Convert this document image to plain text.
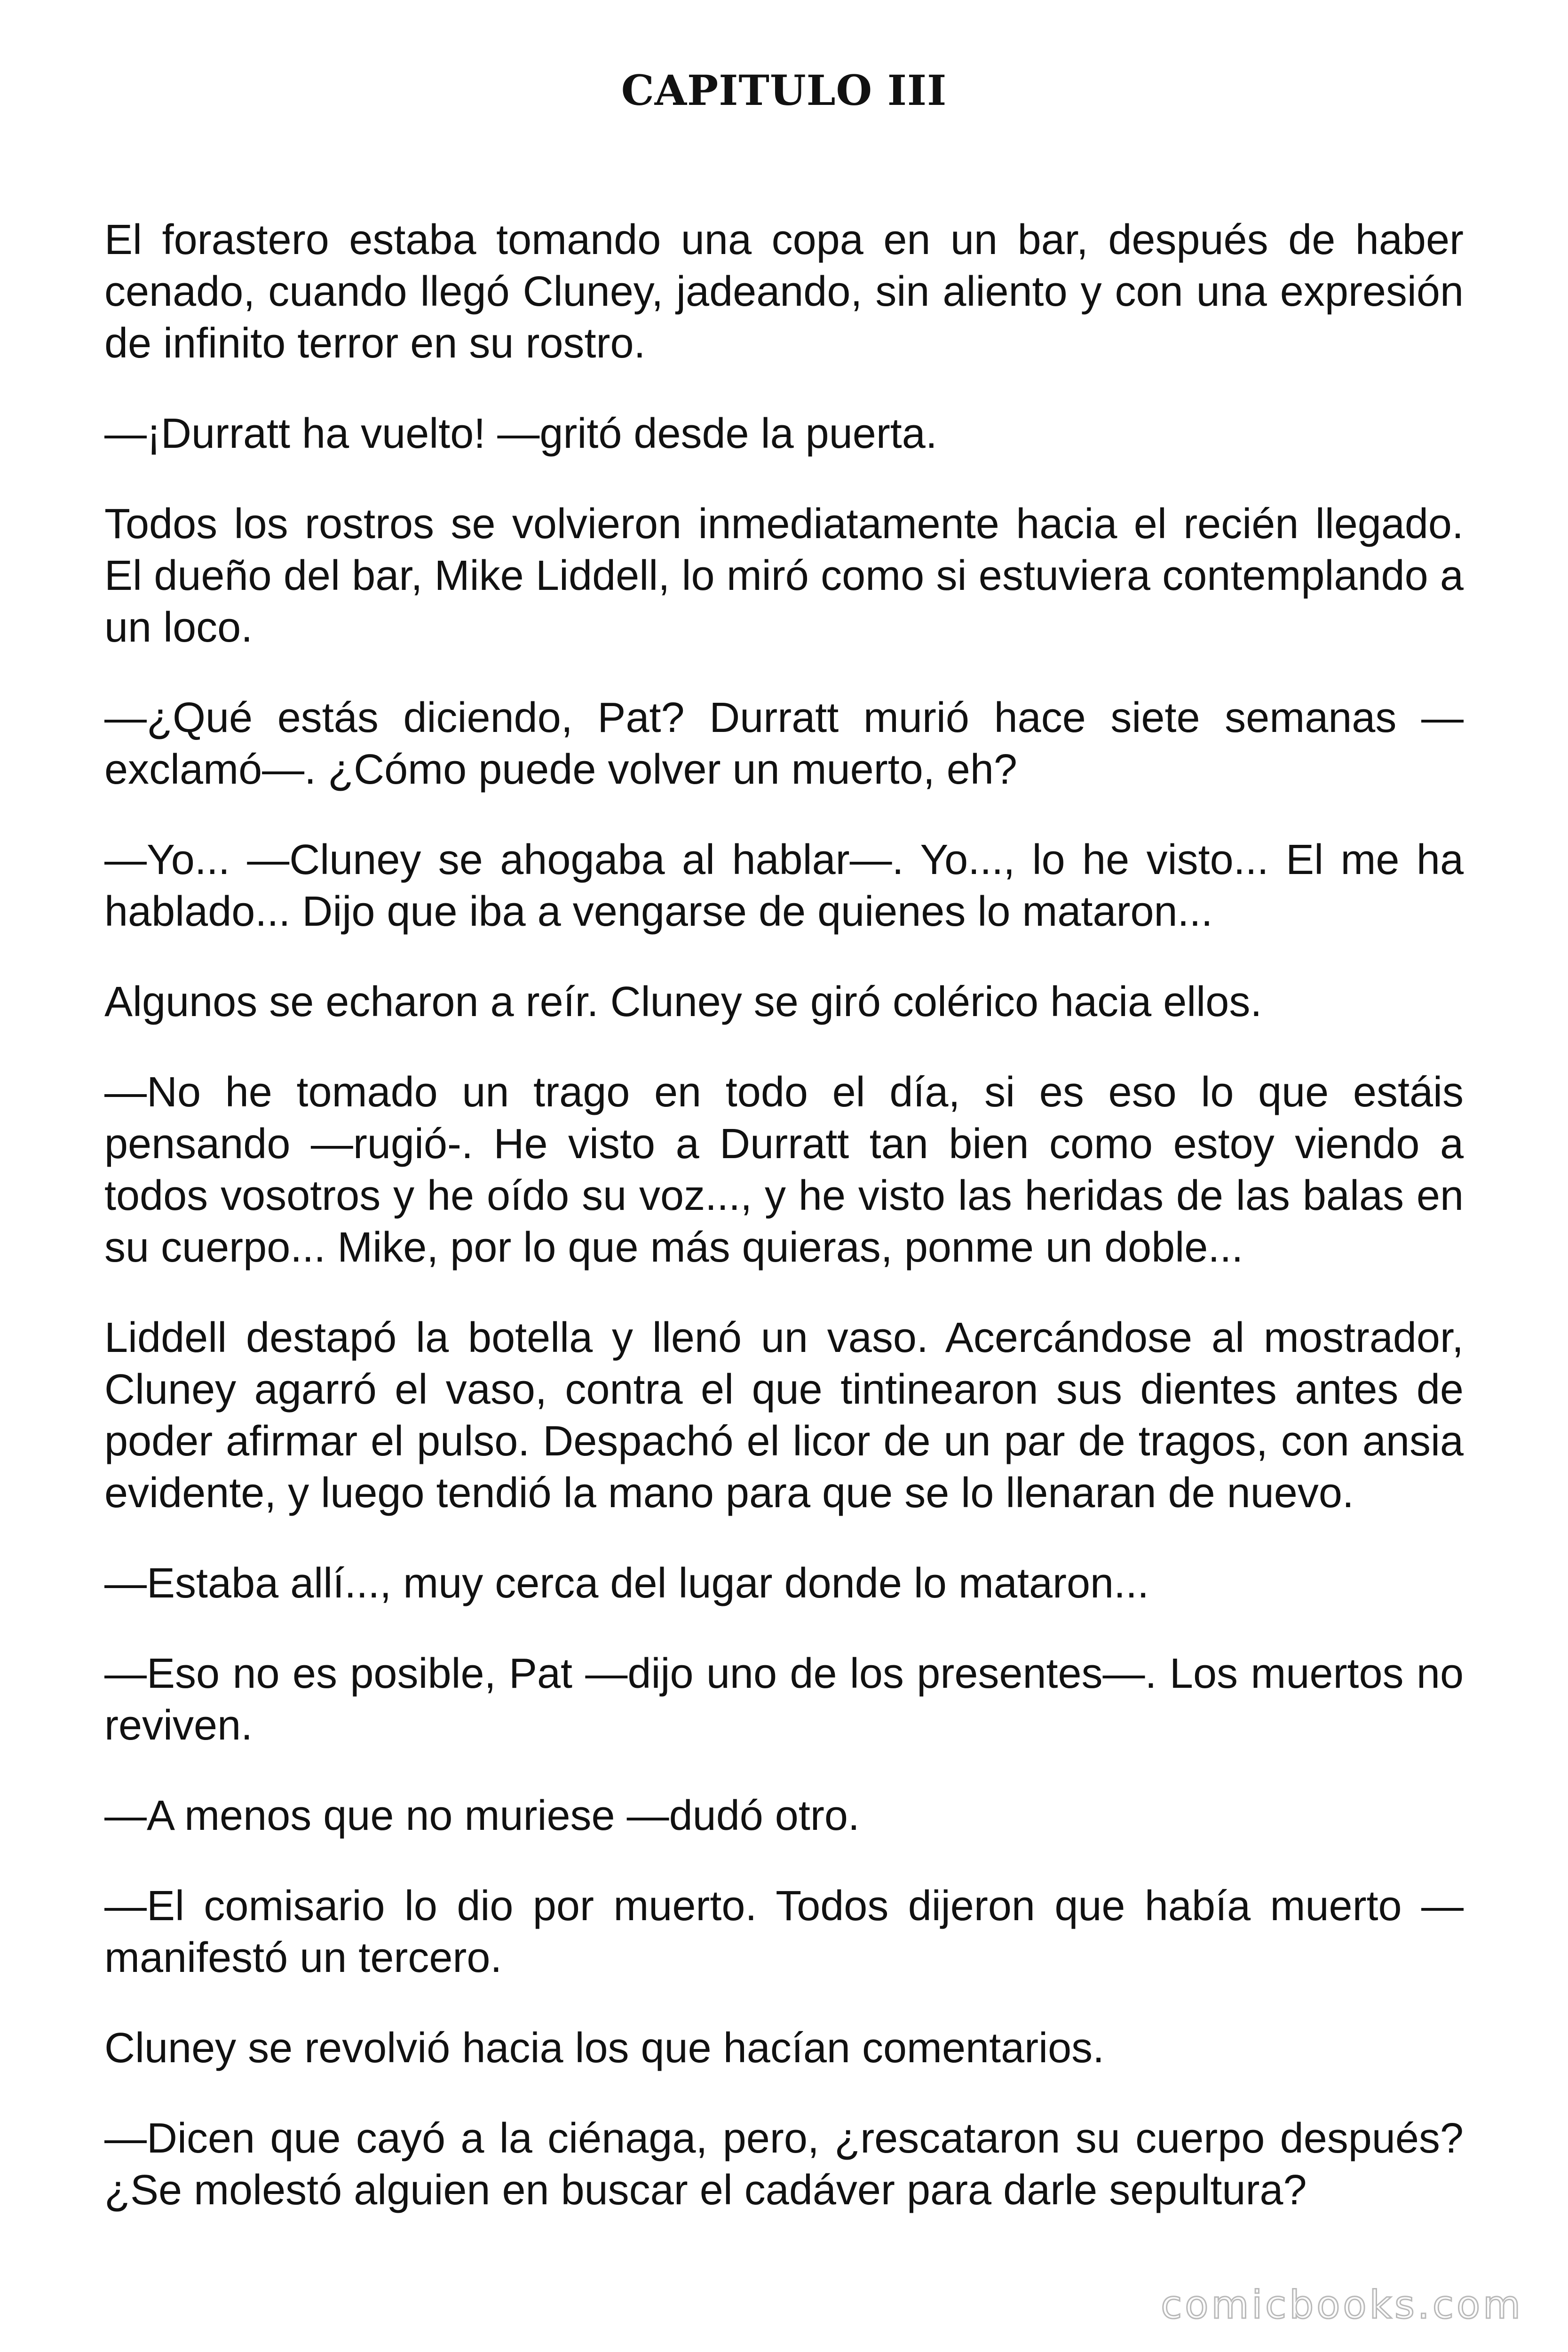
CAPITULO III

El forastero estaba tomando una copa en un bar, después de haber cenado, cuando llegó Cluney, jadeando, sin aliento y con una expresión de infinito terror en su rostro.

—¡Durratt ha vuelto! —gritó desde la puerta.

Todos los rostros se volvieron inmediatamente hacia el recién llegado. El dueño del bar, Mike Liddell, lo miró como si estuviera contemplando a un loco.

—¿Qué estás diciendo, Pat? Durratt murió hace siete semanas —exclamó—. ¿Cómo puede volver un muerto, eh?

—Yo... —Cluney se ahogaba al hablar—. Yo..., lo he visto... El me ha hablado... Dijo que iba a vengarse de quienes lo mataron...

Algunos se echaron a reír. Cluney se giró colérico hacia ellos.

—No he tomado un trago en todo el día, si es eso lo que estáis pensando —rugió-. He visto a Durratt tan bien como estoy viendo a todos vosotros y he oído su voz..., y he visto las heridas de las balas en su cuerpo... Mike, por lo que más quieras, ponme un doble...

Liddell destapó la botella y llenó un vaso. Acercándose al mostrador, Cluney agarró el vaso, contra el que tintinearon sus dientes antes de poder afirmar el pulso. Despachó el licor de un par de tragos, con ansia evidente, y luego tendió la mano para que se lo llenaran de nuevo.

—Estaba allí..., muy cerca del lugar donde lo mataron...

—Eso no es posible, Pat —dijo uno de los presentes—. Los muertos no reviven.

—A menos que no muriese —dudó otro.

—El comisario lo dio por muerto. Todos dijeron que había muerto —manifestó un tercero.

Cluney se revolvió hacia los que hacían comentarios.

—Dicen que cayó a la ciénaga, pero, ¿rescataron su cuerpo después? ¿Se molestó alguien en buscar el cadáver para darle sepultura?

comicbooks.com
